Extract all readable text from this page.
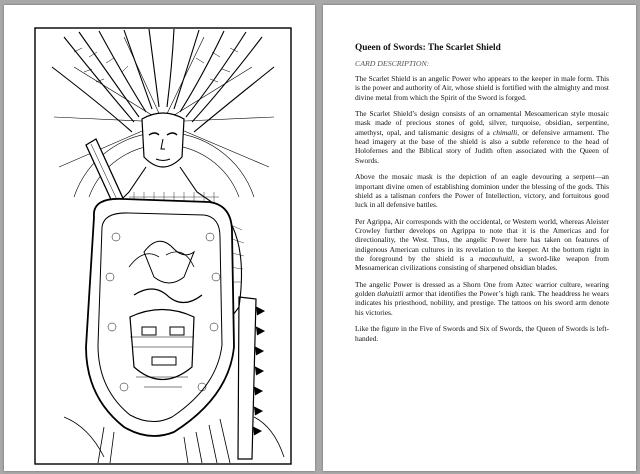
Queen of Swords: The Scarlet Shield
CARD DESCRIPTION:

The Scarlet Shield is an angelic Power who appears to the keeper in male form. This is the power and authority of Air, whose shield is fortified with the almighty and most divine metal from which the Spirit of the Sword is forged.

The Scarlet Shield’s design consists of an ornamental Mesoamerican style mosaic mask made of precious stones of gold, silver, turquoise, obsidian, serpentine, amethyst, opal, and talismanic designs of a chimalli, or defensive armament. The head imagery at the base of the shield is also a subtle reference to the head of Holofernes and the Biblical story of Judith often associated with the Queen of Swords.

Above the mosaic mask is the depiction of an eagle devouring a serpent—an important divine omen of establishing dominion under the blessing of the gods. This shield as a talisman confers the Power of Intellection, victory, and fortuitous good luck in all defensive battles.

Per Agrippa, Air corresponds with the occidental, or Western world, whereas Aleister Crowley further develops on Agrippa to note that it is the Americas and for directionality, the West. Thus, the angelic Power here has taken on features of indigenous American cultures in its revelation to the keeper. At the bottom right in the foreground by the shield is a macauhuitl, a sword-like weapon from Mesoamerican civilizations consisting of sharpened obsidian blades.

The angelic Power is dressed as a Shorn One from Aztec warrior culture, wearing golden tlahuiztli armor that identifies the Power’s high rank. The headdress he wears indicates his priesthood, nobility, and prestige. The tattoos on his sword arm denote his victories.

Like the figure in the Five of Swords and Six of Swords, the Queen of Swords is left-handed.
